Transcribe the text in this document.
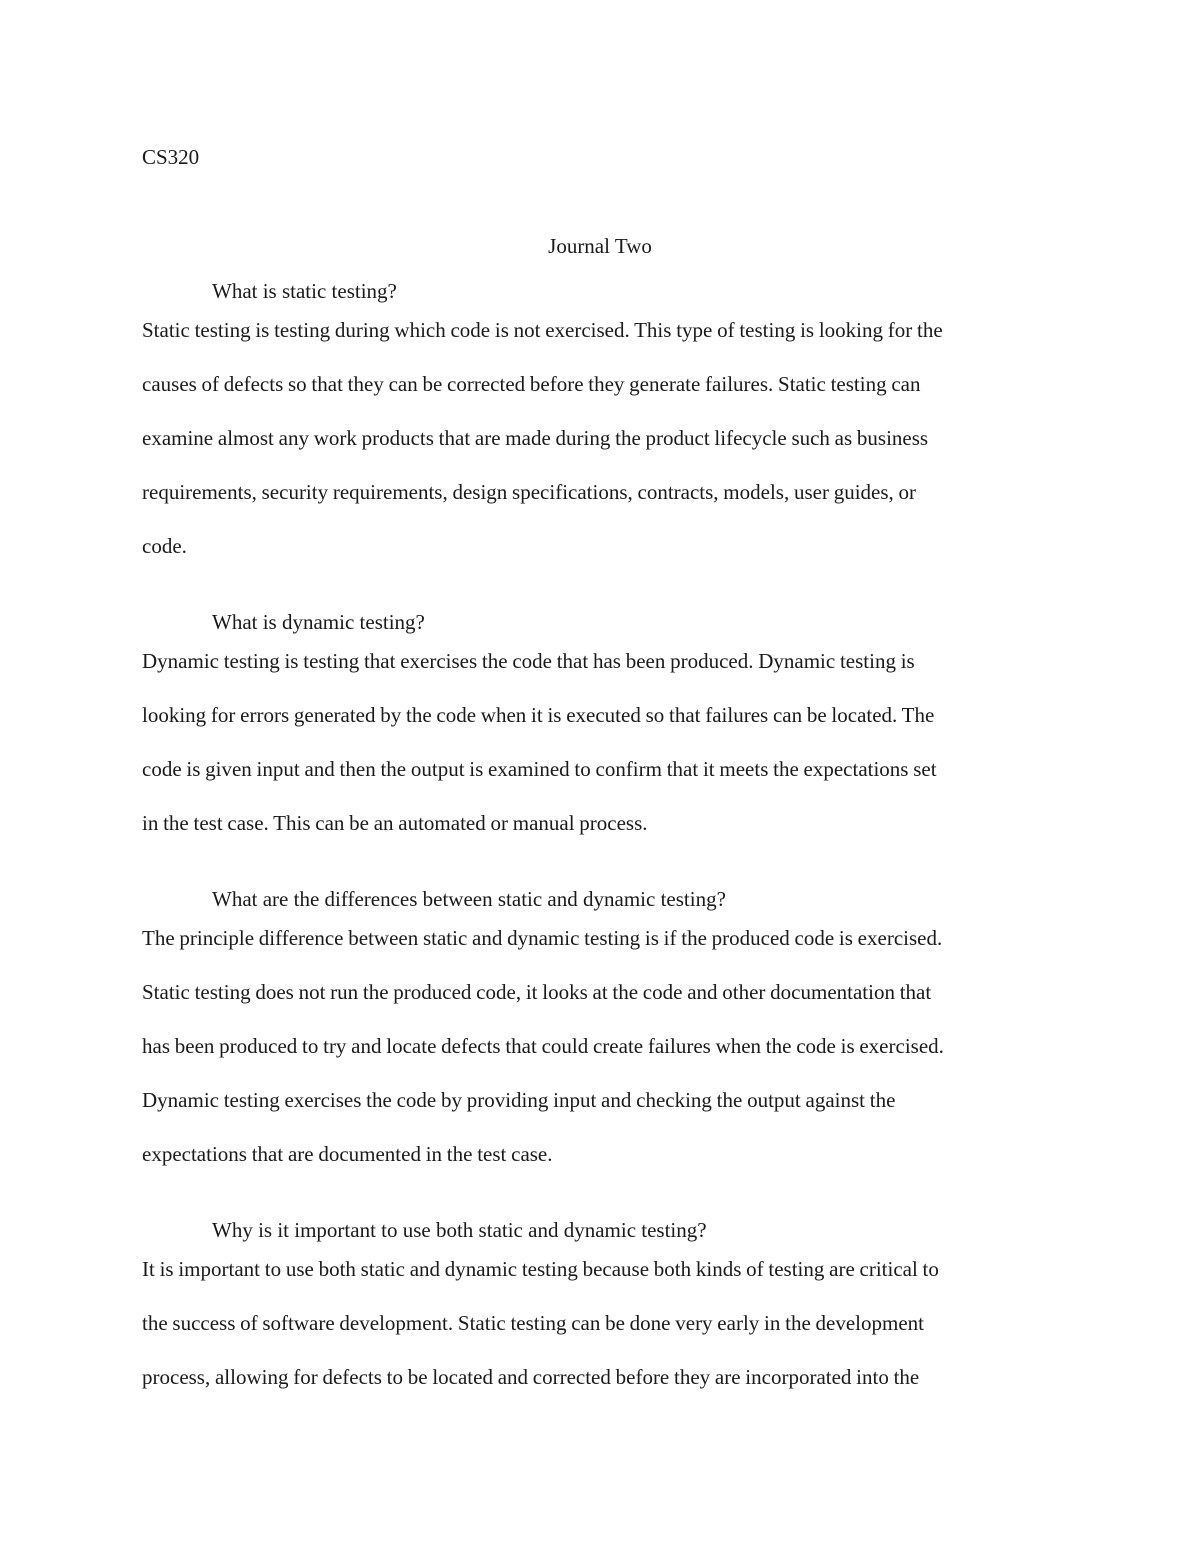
CS320

Journal Two
What is static testing?

Static testing is testing during which code is not exercised. This type of testing is looking for the
causes of defects so that they can be corrected before they generate failures. Static testing can
examine almost any work products that are made during the product lifecycle such as business
requirements, security requirements, design specifications, contracts, models, user guides, or
code.

What is dynamic testing?

Dynamic testing is testing that exercises the code that has been produced. Dynamic testing is
looking for errors generated by the code when it is executed so that failures can be located. The
code is given input and then the output is examined to confirm that it meets the expectations set
in the test case. This can be an automated or manual process.

What are the differences between static and dynamic testing?

The principle difference between static and dynamic testing is if the produced code is exercised.
Static testing does not run the produced code, it looks at the code and other documentation that
has been produced to try and locate defects that could create failures when the code is exercised.
Dynamic testing exercises the code by providing input and checking the output against the
expectations that are documented in the test case.

Why is it important to use both static and dynamic testing?

It is important to use both static and dynamic testing because both kinds of testing are critical to
the success of software development. Static testing can be done very early in the development
process, allowing for defects to be located and corrected before they are incorporated into the
